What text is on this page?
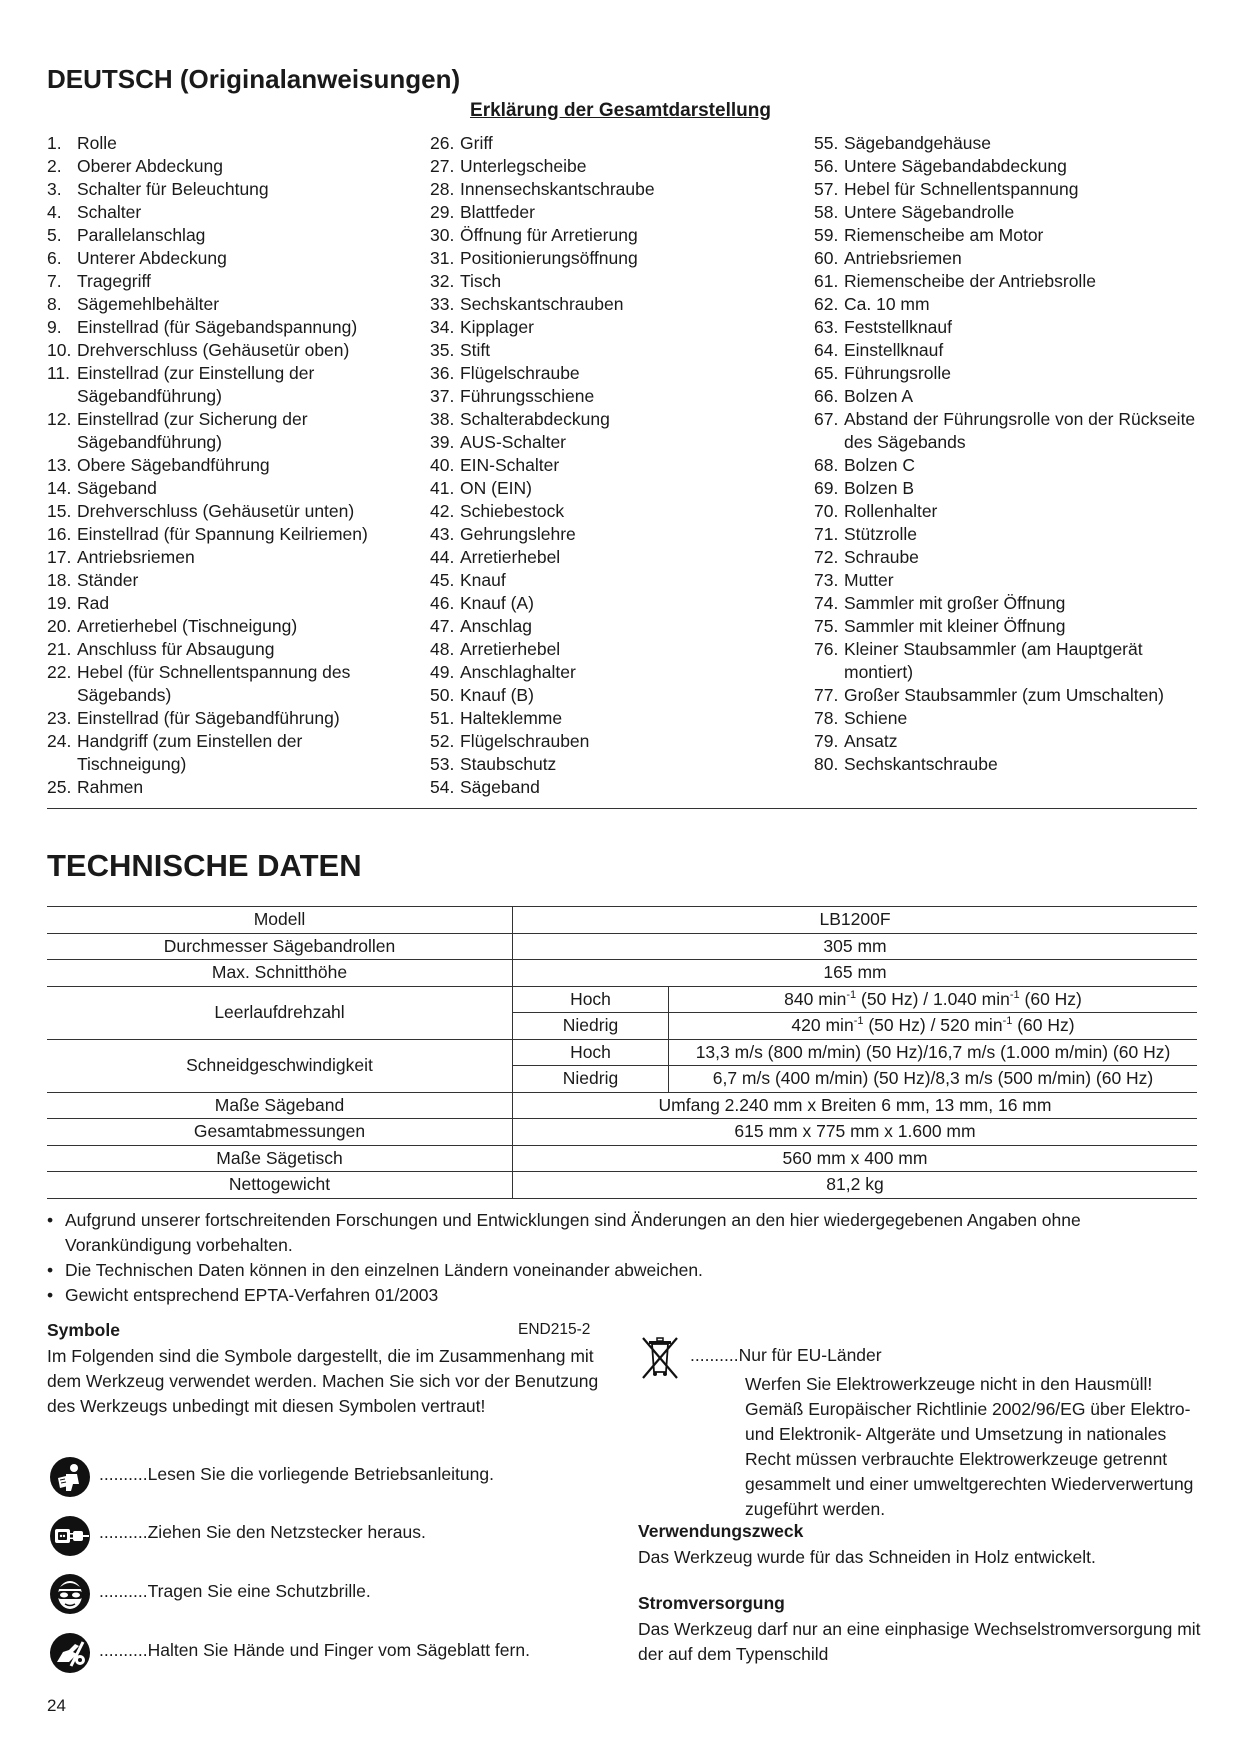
DEUTSCH (Originalanweisungen)
Erklärung der Gesamtdarstellung
1. Rolle
2. Oberer Abdeckung
3. Schalter für Beleuchtung
4. Schalter
5. Parallelanschlag
6. Unterer Abdeckung
7. Tragegriff
8. Sägemehlbehälter
9. Einstellrad (für Sägebandspannung)
10. Drehverschluss (Gehäusetür oben)
11. Einstellrad (zur Einstellung der Sägebandführung)
12. Einstellrad (zur Sicherung der Sägebandführung)
13. Obere Sägebandführung
14. Sägeband
15. Drehverschluss (Gehäusetür unten)
16. Einstellrad (für Spannung Keilriemen)
17. Antriebsriemen
18. Ständer
19. Rad
20. Arretierhebel (Tischneigung)
21. Anschluss für Absaugung
22. Hebel (für Schnellentspannung des Sägebands)
23. Einstellrad (für Sägebandführung)
24. Handgriff (zum Einstellen der Tischneigung)
25. Rahmen
26. Griff
27. Unterlegscheibe
28. Innensechskantschraube
29. Blattfeder
30. Öffnung für Arretierung
31. Positionierungsöffnung
32. Tisch
33. Sechskantschrauben
34. Kipplager
35. Stift
36. Flügelschraube
37. Führungsschiene
38. Schalterabdeckung
39. AUS-Schalter
40. EIN-Schalter
41. ON (EIN)
42. Schiebestock
43. Gehrungslehre
44. Arretierhebel
45. Knauf
46. Knauf (A)
47. Anschlag
48. Arretierhebel
49. Anschlaghalter
50. Knauf (B)
51. Halteklemme
52. Flügelschrauben
53. Staubschutz
54. Sägeband
55. Sägebandgehäuse
56. Untere Sägebandabdeckung
57. Hebel für Schnellentspannung
58. Untere Sägebandrolle
59. Riemenscheibe am Motor
60. Antriebsriemen
61. Riemenscheibe der Antriebsrolle
62. Ca. 10 mm
63. Feststellknauf
64. Einstellknauf
65. Führungsrolle
66. Bolzen A
67. Abstand der Führungsrolle von der Rückseite des Sägebands
68. Bolzen C
69. Bolzen B
70. Rollenhalter
71. Stützrolle
72. Schraube
73. Mutter
74. Sammler mit großer Öffnung
75. Sammler mit kleiner Öffnung
76. Kleiner Staubsammler (am Hauptgerät montiert)
77. Großer Staubsammler (zum Umschalten)
78. Schiene
79. Ansatz
80. Sechskantschraube
TECHNISCHE DATEN
Modell	LB1200F	
Durchmesser Sägebandrollen	305 mm	
Max. Schnitthöhe	165 mm	
Leerlaufdrehzahl	Hoch	840 $\min^{-1} (50$ Hz) / 1.040 $\min^{-1} (60$ Hz)
	Niedrig	420 $\min^{-1} (50$ Hz) / 520 $\min^{-1} (60$ Hz)
Schneidgeschwindigkeit	Hoch	13,3 m/s (800 m/min) (50 Hz)/16,7 m/s (1.000 m/min) (60 Hz)
	Niedrig	6,7 m/s (400 m/min) (50 Hz)/8,3 m/s (500 m/min) (60 Hz)
Maße Sägeband	Umfang 2.240 mm x Breiten 6 mm, 13 mm, 16 mm	
Gesamtabmessungen	615 mm x 775 mm x 1.600 mm	
Maße Sägetisch	560 mm x 400 mm	
Nettogewicht	81,2 kg	
• Aufgrund unserer fortschreitenden Forschungen und Entwicklungen sind Änderungen an den hier wiedergegebenen Angaben ohne Vorankündigung vorbehalten.
• Die Technischen Daten können in den einzelnen Ländern voneinander abweichen.
• Gewicht entsprechend EPTA-Verfahren 01/2003
Symbole	END215-2
Im Folgenden sind die Symbole dargestellt, die im Zusammenhang mit dem Werkzeug verwendet werden. Machen Sie sich vor der Benutzung des Werkzeugs unbedingt mit diesen Symbolen vertraut!
..........Lesen Sie die vorliegende Betriebsanleitung.
..........Ziehen Sie den Netzstecker heraus.
..........Tragen Sie eine Schutzbrille.
..........Halten Sie Hände und Finger vom Sägeblatt fern.
..........Nur für EU-Länder
Werfen Sie Elektrowerkzeuge nicht in den Hausmüll! Gemäß Europäischer Richtlinie 2002/96/EG über Elektro- und Elektronik- Altgeräte und Umsetzung in nationales Recht müssen verbrauchte Elektrowerkzeuge getrennt gesammelt und einer umweltgerechten Wiederverwertung zugeführt werden.
Verwendungszweck
Das Werkzeug wurde für das Schneiden in Holz entwickelt.
Stromversorgung
Das Werkzeug darf nur an eine einphasige Wechselstromversorgung mit der auf dem Typenschild
24
